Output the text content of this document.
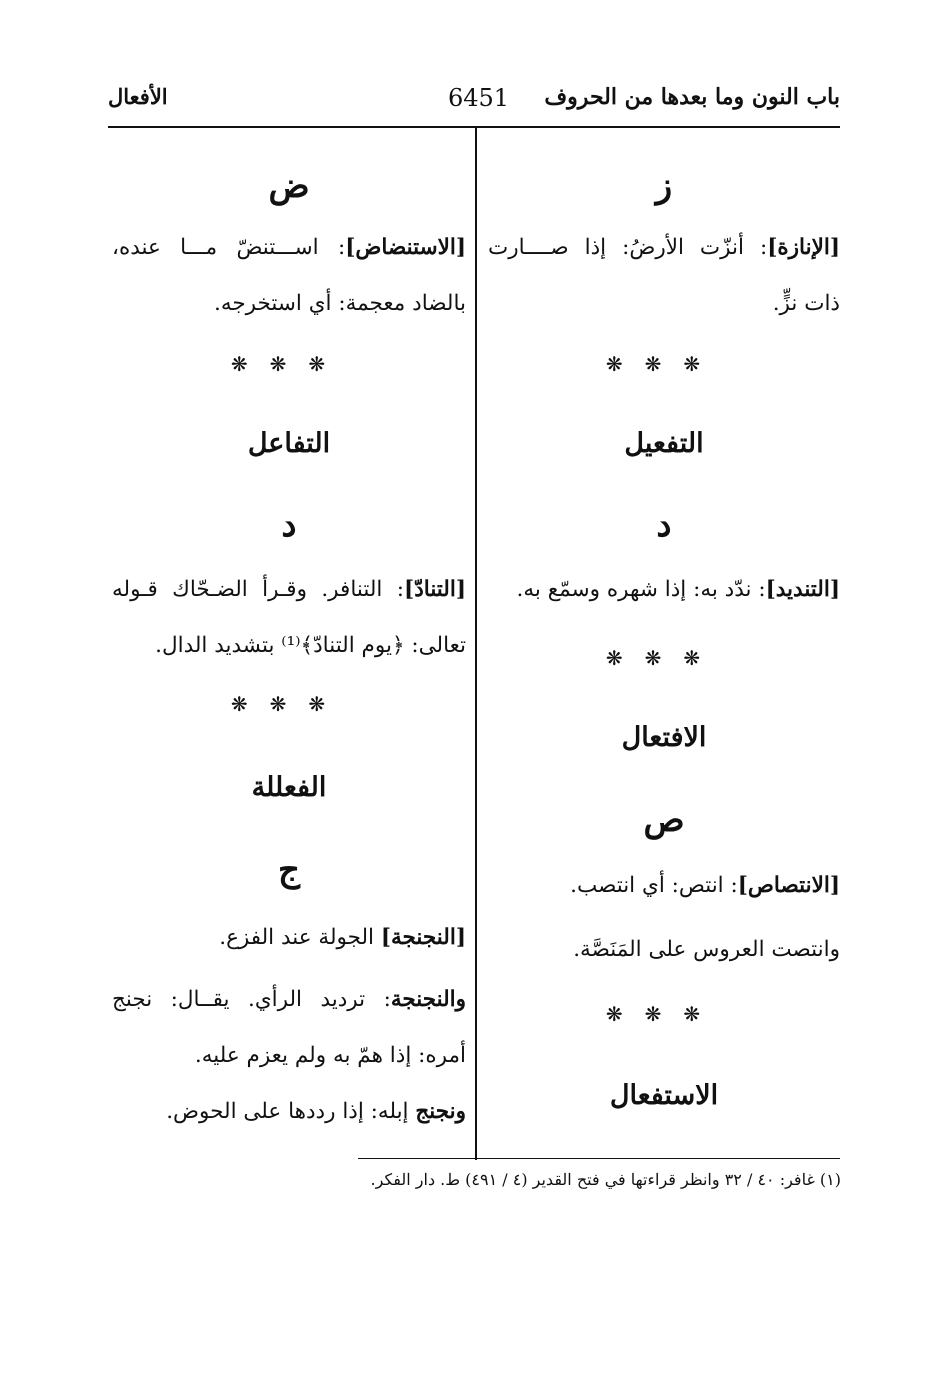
باب النون وما بعدها من الحروف
6451
الأفعال
ز
[الإنازة]: أنزّت الأرضُ: إذا صــــارت ذات نزٍّ.
❋❋❋
التفعيل
د
[التنديد]: ندّد به: إذا شهره وسمّع به.
❋❋❋
الافتعال
ص
[الانتصاص]: انتص: أي انتصب.
وانتصت العروس على المَنَصَّة.
❋❋❋
الاستفعال
ض
[الاستنضاض]: اســـتنضّ مـــا عنده، بالضاد معجمة: أي استخرجه.
❋❋❋
التفاعل
د
[التنادّ]: التنافر. وقـرأ الضـحّاك قـوله تعالى: ﴿يوم التنادّ﴾⁽¹⁾ بتشديد الدال.
❋❋❋
الفعللة
ج
[النجنجة] الجولة عند الفزع.
والنجنجة: ترديد الرأي. يقــال: نجنج أمره: إذا همّ به ولم يعزم عليه.
ونجنج إبله: إذا رددها على الحوض.
(١) غافر: ٤٠ / ٣٢ وانظر قراءتها في فتح القدير (٤ / ٤٩١) ط. دار الفكر.
